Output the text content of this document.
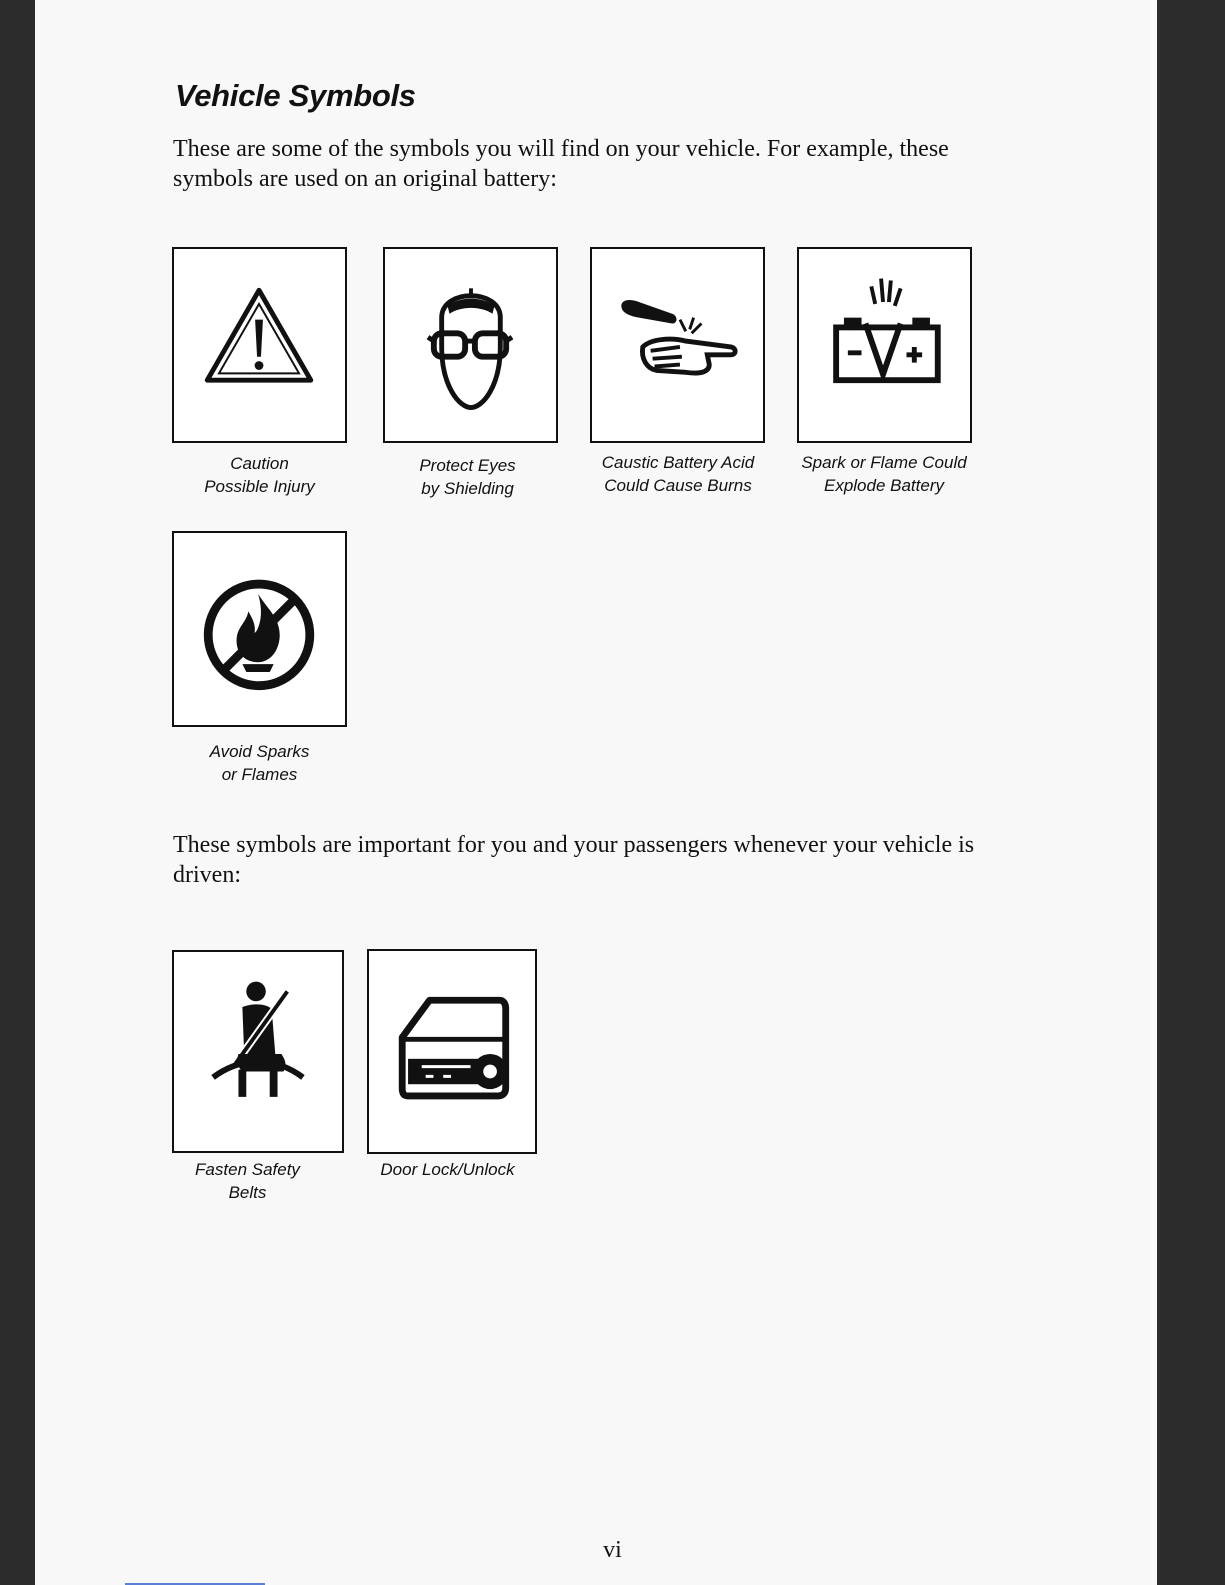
Vehicle Symbols

These are some of the symbols you will find on your vehicle. For example, these symbols are used on an original battery:

Caution
Possible Injury
Protect Eyes
by Shielding
Caustic Battery Acid
Could Cause Burns
Spark or Flame Could
Explode Battery
Avoid Sparks
or Flames

These symbols are important for you and your passengers whenever your vehicle is driven:

Fasten Safety
Belts
Door Lock/Unlock
vi
